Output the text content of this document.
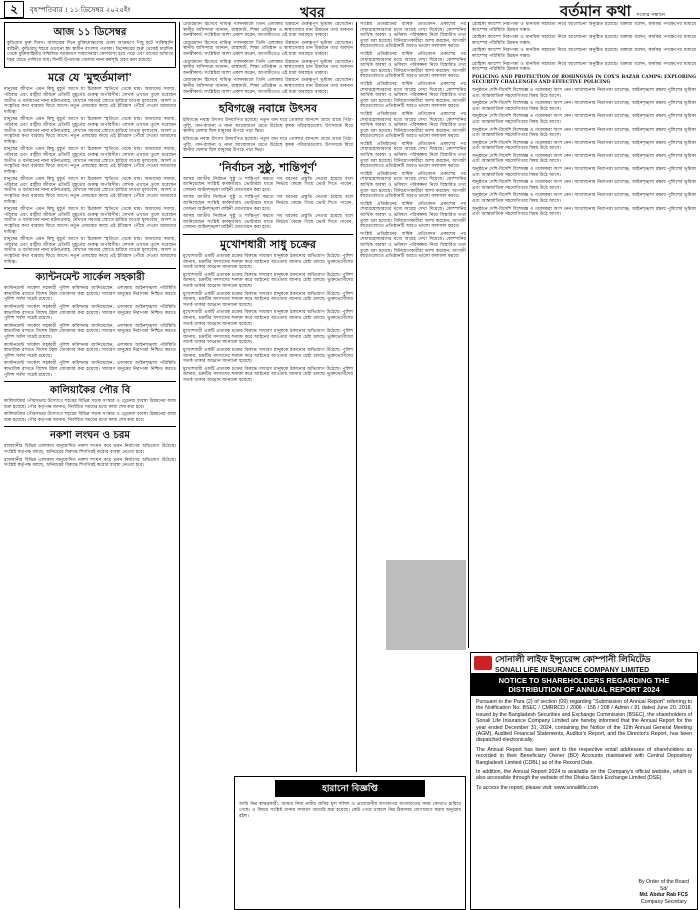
২	বৃহস্পতিবার । ১১ ডিসেম্বর ২০২৫ইং	খবর	বর্তমান কথা সত্যের সন্ধানে
আজ ১১ ডিসেম্বর

কুড়িগ্রাম মুক্ত দিবস। আজকের দিনে মুক্তিযোদ্ধাদের প্রবল আক্রমণে পিছু হটে পাকিস্তানি বাহিনী, কুড়িগ্রাম শহরে ওড়ানো হয় স্বাধীন বাংলার পতাকা। ডিসেম্বরের শুরু থেকেই চারদিক থেকে মুক্তিবাহিনীর সম্মিলিত আক্রমণে শত্রুসেনারা কোণঠাসা হয়ে পড়ে এবং রাতের আঁধারে শহর ছেড়ে পালিয়ে যায়। দিনটি উপলক্ষে জেলায় নানা কর্মসূচি গ্রহণ করা হয়েছে।

মরে যে 'মুহুর্তমালা'

মানুষের জীবনে এমন কিছু মুহূর্ত আসে যা চিরকাল স্মৃতিতে থেকে যায়। আমাদের সমাজ, পরিবার এবং রাষ্ট্রীয় জীবনে প্রতিটি মুহূর্তের গুরুত্ব অপরিসীম। লেখক এখানে তুলে ধরেছেন অতীত ও বর্তমানের নানা ঘটনাপ্রবাহ, যেখানে সময়ের স্রোতে হারিয়ে যাওয়া মূল্যবোধ, আদর্শ ও সংস্কৃতির কথা বারবার ফিরে আসে। নতুন প্রজন্মের কাছে এই ইতিহাস পৌঁছে দেওয়া আমাদের দায়িত্ব।

মানুষের জীবনে এমন কিছু মুহূর্ত আসে যা চিরকাল স্মৃতিতে থেকে যায়। আমাদের সমাজ, পরিবার এবং রাষ্ট্রীয় জীবনে প্রতিটি মুহূর্তের গুরুত্ব অপরিসীম। লেখক এখানে তুলে ধরেছেন অতীত ও বর্তমানের নানা ঘটনাপ্রবাহ, যেখানে সময়ের স্রোতে হারিয়ে যাওয়া মূল্যবোধ, আদর্শ ও সংস্কৃতির কথা বারবার ফিরে আসে। নতুন প্রজন্মের কাছে এই ইতিহাস পৌঁছে দেওয়া আমাদের দায়িত্ব।

মানুষের জীবনে এমন কিছু মুহূর্ত আসে যা চিরকাল স্মৃতিতে থেকে যায়। আমাদের সমাজ, পরিবার এবং রাষ্ট্রীয় জীবনে প্রতিটি মুহূর্তের গুরুত্ব অপরিসীম। লেখক এখানে তুলে ধরেছেন অতীত ও বর্তমানের নানা ঘটনাপ্রবাহ, যেখানে সময়ের স্রোতে হারিয়ে যাওয়া মূল্যবোধ, আদর্শ ও সংস্কৃতির কথা বারবার ফিরে আসে। নতুন প্রজন্মের কাছে এই ইতিহাস পৌঁছে দেওয়া আমাদের দায়িত্ব।

মানুষের জীবনে এমন কিছু মুহূর্ত আসে যা চিরকাল স্মৃতিতে থেকে যায়। আমাদের সমাজ, পরিবার এবং রাষ্ট্রীয় জীবনে প্রতিটি মুহূর্তের গুরুত্ব অপরিসীম। লেখক এখানে তুলে ধরেছেন অতীত ও বর্তমানের নানা ঘটনাপ্রবাহ, যেখানে সময়ের স্রোতে হারিয়ে যাওয়া মূল্যবোধ, আদর্শ ও সংস্কৃতির কথা বারবার ফিরে আসে। নতুন প্রজন্মের কাছে এই ইতিহাস পৌঁছে দেওয়া আমাদের দায়িত্ব।

মানুষের জীবনে এমন কিছু মুহূর্ত আসে যা চিরকাল স্মৃতিতে থেকে যায়। আমাদের সমাজ, পরিবার এবং রাষ্ট্রীয় জীবনে প্রতিটি মুহূর্তের গুরুত্ব অপরিসীম। লেখক এখানে তুলে ধরেছেন অতীত ও বর্তমানের নানা ঘটনাপ্রবাহ, যেখানে সময়ের স্রোতে হারিয়ে যাওয়া মূল্যবোধ, আদর্শ ও সংস্কৃতির কথা বারবার ফিরে আসে। নতুন প্রজন্মের কাছে এই ইতিহাস পৌঁছে দেওয়া আমাদের দায়িত্ব।

মানুষের জীবনে এমন কিছু মুহূর্ত আসে যা চিরকাল স্মৃতিতে থেকে যায়। আমাদের সমাজ, পরিবার এবং রাষ্ট্রীয় জীবনে প্রতিটি মুহূর্তের গুরুত্ব অপরিসীম। লেখক এখানে তুলে ধরেছেন অতীত ও বর্তমানের নানা ঘটনাপ্রবাহ, যেখানে সময়ের স্রোতে হারিয়ে যাওয়া মূল্যবোধ, আদর্শ ও সংস্কৃতির কথা বারবার ফিরে আসে। নতুন প্রজন্মের কাছে এই ইতিহাস পৌঁছে দেওয়া আমাদের দায়িত্ব।

ক্যান্টনমেন্ট সার্কেল সহকারী

ক্যান্টনমেন্ট সার্কেল সহকারী পুলিশ কমিশনার জানিয়েছেন, এলাকায় আইনশৃঙ্খলা পরিস্থিতি স্বাভাবিক রাখতে বিশেষ টহল জোরদার করা হয়েছে। সাধারণ মানুষের নিরাপত্তা নিশ্চিত করতে পুলিশ সর্বদা সচেষ্ট রয়েছে।

ক্যান্টনমেন্ট সার্কেল সহকারী পুলিশ কমিশনার জানিয়েছেন, এলাকায় আইনশৃঙ্খলা পরিস্থিতি স্বাভাবিক রাখতে বিশেষ টহল জোরদার করা হয়েছে। সাধারণ মানুষের নিরাপত্তা নিশ্চিত করতে পুলিশ সর্বদা সচেষ্ট রয়েছে।

ক্যান্টনমেন্ট সার্কেল সহকারী পুলিশ কমিশনার জানিয়েছেন, এলাকায় আইনশৃঙ্খলা পরিস্থিতি স্বাভাবিক রাখতে বিশেষ টহল জোরদার করা হয়েছে। সাধারণ মানুষের নিরাপত্তা নিশ্চিত করতে পুলিশ সর্বদা সচেষ্ট রয়েছে।

ক্যান্টনমেন্ট সার্কেল সহকারী পুলিশ কমিশনার জানিয়েছেন, এলাকায় আইনশৃঙ্খলা পরিস্থিতি স্বাভাবিক রাখতে বিশেষ টহল জোরদার করা হয়েছে। সাধারণ মানুষের নিরাপত্তা নিশ্চিত করতে পুলিশ সর্বদা সচেষ্ট রয়েছে।

ক্যান্টনমেন্ট সার্কেল সহকারী পুলিশ কমিশনার জানিয়েছেন, এলাকায় আইনশৃঙ্খলা পরিস্থিতি স্বাভাবিক রাখতে বিশেষ টহল জোরদার করা হয়েছে। সাধারণ মানুষের নিরাপত্তা নিশ্চিত করতে পুলিশ সর্বদা সচেষ্ট রয়েছে।

কালিয়াকৈর পৌর বি

কালিয়াকৈর পৌরসভার উদ্যোগে শহরের বিভিন্ন সড়ক সংস্কার ও ড্রেনেজ ব্যবস্থা উন্নয়নের কাজ শুরু হয়েছে। পৌর কর্তৃপক্ষ জানায়, নির্ধারিত সময়ের মধ্যে কাজ শেষ করা হবে।

কালিয়াকৈর পৌরসভার উদ্যোগে শহরের বিভিন্ন সড়ক সংস্কার ও ড্রেনেজ ব্যবস্থা উন্নয়নের কাজ শুরু হয়েছে। পৌর কর্তৃপক্ষ জানায়, নির্ধারিত সময়ের মধ্যে কাজ শেষ করা হবে।

নকশা লংঘন ও চরম

রাজধানীর বিভিন্ন এলাকায় অনুমোদিত নকশা লংঘন করে ভবন নির্মাণের অভিযোগ উঠেছে। সংশ্লিষ্ট কর্তৃপক্ষ বলছে, অনিয়মের বিরুদ্ধে শিগগিরই কঠোর ব্যবস্থা নেওয়া হবে।

রাজধানীর বিভিন্ন এলাকায় অনুমোদিত নকশা লংঘন করে ভবন নির্মাণের অভিযোগ উঠেছে। সংশ্লিষ্ট কর্তৃপক্ষ বলছে, অনিয়মের বিরুদ্ধে শিগগিরই কঠোর ব্যবস্থা নেওয়া হবে।

চেয়ারম্যান হিসেবে দায়িত্ব পালনকালে তিনি এলাকার উন্নয়নে গুরুত্বপূর্ণ ভূমিকা রেখেছেন। স্থানীয় বাসিন্দারা জানান, রাস্তাঘাট, শিক্ষা প্রতিষ্ঠান ও স্বাস্থ্যসেবার মান উন্নয়নে তার অবদান অনস্বীকার্য। সংশ্লিষ্টরা আশা প্রকাশ করেন, আগামীতেও এই ধারা অব্যাহত থাকবে।

চেয়ারম্যান হিসেবে দায়িত্ব পালনকালে তিনি এলাকার উন্নয়নে গুরুত্বপূর্ণ ভূমিকা রেখেছেন। স্থানীয় বাসিন্দারা জানান, রাস্তাঘাট, শিক্ষা প্রতিষ্ঠান ও স্বাস্থ্যসেবার মান উন্নয়নে তার অবদান অনস্বীকার্য। সংশ্লিষ্টরা আশা প্রকাশ করেন, আগামীতেও এই ধারা অব্যাহত থাকবে।

চেয়ারম্যান হিসেবে দায়িত্ব পালনকালে তিনি এলাকার উন্নয়নে গুরুত্বপূর্ণ ভূমিকা রেখেছেন। স্থানীয় বাসিন্দারা জানান, রাস্তাঘাট, শিক্ষা প্রতিষ্ঠান ও স্বাস্থ্যসেবার মান উন্নয়নে তার অবদান অনস্বীকার্য। সংশ্লিষ্টরা আশা প্রকাশ করেন, আগামীতেও এই ধারা অব্যাহত থাকবে।

চেয়ারম্যান হিসেবে দায়িত্ব পালনকালে তিনি এলাকার উন্নয়নে গুরুত্বপূর্ণ ভূমিকা রেখেছেন। স্থানীয় বাসিন্দারা জানান, রাস্তাঘাট, শিক্ষা প্রতিষ্ঠান ও স্বাস্থ্যসেবার মান উন্নয়নে তার অবদান অনস্বীকার্য। সংশ্লিষ্টরা আশা প্রকাশ করেন, আগামীতেও এই ধারা অব্যাহত থাকবে।

হবিগঞ্জে নবান্নে উৎসব

হবিগঞ্জে নবান্ন উৎসব উদযাপিত হয়েছে। নতুন ধান ঘরে তোলার আনন্দে গ্রামে গ্রামে পিঠা-পুলি, গান-বাজনা ও নানা আয়োজনে মেতে উঠেছে কৃষক পরিবারগুলো। উৎসবকে ঘিরে স্থানীয় মেলায় ছিল মানুষের উপচে পড়া ভিড়।

হবিগঞ্জে নবান্ন উৎসব উদযাপিত হয়েছে। নতুন ধান ঘরে তোলার আনন্দে গ্রামে গ্রামে পিঠা-পুলি, গান-বাজনা ও নানা আয়োজনে মেতে উঠেছে কৃষক পরিবারগুলো। উৎসবকে ঘিরে স্থানীয় মেলায় ছিল মানুষের উপচে পড়া ভিড়।

'নির্বাচন সুষ্ঠু, শান্তিপূর্ণ'

আসন্ন জাতীয় নির্বাচন সুষ্ঠু ও শান্তিপূর্ণ করতে সব ধরনের প্রস্তুতি নেওয়া হয়েছে বলে জানিয়েছেন সংশ্লিষ্ট কর্মকর্তারা। ভোটাররা যাতে নির্ভয়ে কেন্দ্রে গিয়ে ভোট দিতে পারেন, সেজন্য আইনশৃঙ্খলা বাহিনী মোতায়েন করা হবে।

আসন্ন জাতীয় নির্বাচন সুষ্ঠু ও শান্তিপূর্ণ করতে সব ধরনের প্রস্তুতি নেওয়া হয়েছে বলে জানিয়েছেন সংশ্লিষ্ট কর্মকর্তারা। ভোটাররা যাতে নির্ভয়ে কেন্দ্রে গিয়ে ভোট দিতে পারেন, সেজন্য আইনশৃঙ্খলা বাহিনী মোতায়েন করা হবে।

আসন্ন জাতীয় নির্বাচন সুষ্ঠু ও শান্তিপূর্ণ করতে সব ধরনের প্রস্তুতি নেওয়া হয়েছে বলে জানিয়েছেন সংশ্লিষ্ট কর্মকর্তারা। ভোটাররা যাতে নির্ভয়ে কেন্দ্রে গিয়ে ভোট দিতে পারেন, সেজন্য আইনশৃঙ্খলা বাহিনী মোতায়েন করা হবে।

মুখোশধারী সাধু চক্রের

মুখোশধারী একটি প্রতারক চক্রের বিরুদ্ধে সাধারণ মানুষকে ঠকানোর অভিযোগ উঠেছে। পুলিশ জানায়, চক্রটির সদস্যদের শনাক্ত করে আইনের আওতায় আনার চেষ্টা চলছে। ভুক্তভোগীদের সতর্ক থাকার আহ্বান জানানো হয়েছে।

মুখোশধারী একটি প্রতারক চক্রের বিরুদ্ধে সাধারণ মানুষকে ঠকানোর অভিযোগ উঠেছে। পুলিশ জানায়, চক্রটির সদস্যদের শনাক্ত করে আইনের আওতায় আনার চেষ্টা চলছে। ভুক্তভোগীদের সতর্ক থাকার আহ্বান জানানো হয়েছে।

মুখোশধারী একটি প্রতারক চক্রের বিরুদ্ধে সাধারণ মানুষকে ঠকানোর অভিযোগ উঠেছে। পুলিশ জানায়, চক্রটির সদস্যদের শনাক্ত করে আইনের আওতায় আনার চেষ্টা চলছে। ভুক্তভোগীদের সতর্ক থাকার আহ্বান জানানো হয়েছে।

মুখোশধারী একটি প্রতারক চক্রের বিরুদ্ধে সাধারণ মানুষকে ঠকানোর অভিযোগ উঠেছে। পুলিশ জানায়, চক্রটির সদস্যদের শনাক্ত করে আইনের আওতায় আনার চেষ্টা চলছে। ভুক্তভোগীদের সতর্ক থাকার আহ্বান জানানো হয়েছে।

মুখোশধারী একটি প্রতারক চক্রের বিরুদ্ধে সাধারণ মানুষকে ঠকানোর অভিযোগ উঠেছে। পুলিশ জানায়, চক্রটির সদস্যদের শনাক্ত করে আইনের আওতায় আনার চেষ্টা চলছে। ভুক্তভোগীদের সতর্ক থাকার আহ্বান জানানো হয়েছে।

মুখোশধারী একটি প্রতারক চক্রের বিরুদ্ধে সাধারণ মানুষকে ঠকানোর অভিযোগ উঠেছে। পুলিশ জানায়, চক্রটির সদস্যদের শনাক্ত করে আইনের আওতায় আনার চেষ্টা চলছে। ভুক্তভোগীদের সতর্ক থাকার আহ্বান জানানো হয়েছে।

মুখোশধারী একটি প্রতারক চক্রের বিরুদ্ধে সাধারণ মানুষকে ঠকানোর অভিযোগ উঠেছে। পুলিশ জানায়, চক্রটির সদস্যদের শনাক্ত করে আইনের আওতায় আনার চেষ্টা চলছে। ভুক্তভোগীদের সতর্ক থাকার আহ্বান জানানো হয়েছে।

সংশ্লিষ্ট প্রতিষ্ঠানের বার্ষিক প্রতিবেদন প্রকাশের পর শেয়ারহোল্ডারদের মধ্যে আগ্রহ দেখা দিয়েছে। কোম্পানির আর্থিক অবস্থা ও ভবিষ্যৎ পরিকল্পনা নিয়ে বিস্তারিত তথ্য তুলে ধরা হয়েছে। বিনিয়োগকারীরা আশা করছেন, আগামী বছরগুলোতে প্রতিষ্ঠানটি আরও ভালো ফলাফল করবে।

সংশ্লিষ্ট প্রতিষ্ঠানের বার্ষিক প্রতিবেদন প্রকাশের পর শেয়ারহোল্ডারদের মধ্যে আগ্রহ দেখা দিয়েছে। কোম্পানির আর্থিক অবস্থা ও ভবিষ্যৎ পরিকল্পনা নিয়ে বিস্তারিত তথ্য তুলে ধরা হয়েছে। বিনিয়োগকারীরা আশা করছেন, আগামী বছরগুলোতে প্রতিষ্ঠানটি আরও ভালো ফলাফল করবে।

সংশ্লিষ্ট প্রতিষ্ঠানের বার্ষিক প্রতিবেদন প্রকাশের পর শেয়ারহোল্ডারদের মধ্যে আগ্রহ দেখা দিয়েছে। কোম্পানির আর্থিক অবস্থা ও ভবিষ্যৎ পরিকল্পনা নিয়ে বিস্তারিত তথ্য তুলে ধরা হয়েছে। বিনিয়োগকারীরা আশা করছেন, আগামী বছরগুলোতে প্রতিষ্ঠানটি আরও ভালো ফলাফল করবে।

সংশ্লিষ্ট প্রতিষ্ঠানের বার্ষিক প্রতিবেদন প্রকাশের পর শেয়ারহোল্ডারদের মধ্যে আগ্রহ দেখা দিয়েছে। কোম্পানির আর্থিক অবস্থা ও ভবিষ্যৎ পরিকল্পনা নিয়ে বিস্তারিত তথ্য তুলে ধরা হয়েছে। বিনিয়োগকারীরা আশা করছেন, আগামী বছরগুলোতে প্রতিষ্ঠানটি আরও ভালো ফলাফল করবে।

সংশ্লিষ্ট প্রতিষ্ঠানের বার্ষিক প্রতিবেদন প্রকাশের পর শেয়ারহোল্ডারদের মধ্যে আগ্রহ দেখা দিয়েছে। কোম্পানির আর্থিক অবস্থা ও ভবিষ্যৎ পরিকল্পনা নিয়ে বিস্তারিত তথ্য তুলে ধরা হয়েছে। বিনিয়োগকারীরা আশা করছেন, আগামী বছরগুলোতে প্রতিষ্ঠানটি আরও ভালো ফলাফল করবে।

সংশ্লিষ্ট প্রতিষ্ঠানের বার্ষিক প্রতিবেদন প্রকাশের পর শেয়ারহোল্ডারদের মধ্যে আগ্রহ দেখা দিয়েছে। কোম্পানির আর্থিক অবস্থা ও ভবিষ্যৎ পরিকল্পনা নিয়ে বিস্তারিত তথ্য তুলে ধরা হয়েছে। বিনিয়োগকারীরা আশা করছেন, আগামী বছরগুলোতে প্রতিষ্ঠানটি আরও ভালো ফলাফল করবে।

সংশ্লিষ্ট প্রতিষ্ঠানের বার্ষিক প্রতিবেদন প্রকাশের পর শেয়ারহোল্ডারদের মধ্যে আগ্রহ দেখা দিয়েছে। কোম্পানির আর্থিক অবস্থা ও ভবিষ্যৎ পরিকল্পনা নিয়ে বিস্তারিত তথ্য তুলে ধরা হয়েছে। বিনিয়োগকারীরা আশা করছেন, আগামী বছরগুলোতে প্রতিষ্ঠানটি আরও ভালো ফলাফল করবে।

সংশ্লিষ্ট প্রতিষ্ঠানের বার্ষিক প্রতিবেদন প্রকাশের পর শেয়ারহোল্ডারদের মধ্যে আগ্রহ দেখা দিয়েছে। কোম্পানির আর্থিক অবস্থা ও ভবিষ্যৎ পরিকল্পনা নিয়ে বিস্তারিত তথ্য তুলে ধরা হয়েছে। বিনিয়োগকারীরা আশা করছেন, আগামী বছরগুলোতে প্রতিষ্ঠানটি আরও ভালো ফলাফল করবে।

রোহিঙ্গা ক্যাম্পে নিরাপত্তা ও মানবিক সহায়তা নিয়ে আলোচনা অনুষ্ঠিত হয়েছে। বক্তারা বলেন, কার্যকর পদক্ষেপের মাধ্যমে ক্যাম্পের পরিস্থিতি উন্নয়ন সম্ভব।

রোহিঙ্গা ক্যাম্পে নিরাপত্তা ও মানবিক সহায়তা নিয়ে আলোচনা অনুষ্ঠিত হয়েছে। বক্তারা বলেন, কার্যকর পদক্ষেপের মাধ্যমে ক্যাম্পের পরিস্থিতি উন্নয়ন সম্ভব।

রোহিঙ্গা ক্যাম্পে নিরাপত্তা ও মানবিক সহায়তা নিয়ে আলোচনা অনুষ্ঠিত হয়েছে। বক্তারা বলেন, কার্যকর পদক্ষেপের মাধ্যমে ক্যাম্পের পরিস্থিতি উন্নয়ন সম্ভব।

রোহিঙ্গা ক্যাম্পে নিরাপত্তা ও মানবিক সহায়তা নিয়ে আলোচনা অনুষ্ঠিত হয়েছে। বক্তারা বলেন, কার্যকর পদক্ষেপের মাধ্যমে ক্যাম্পের পরিস্থিতি উন্নয়ন সম্ভব।

POLICING AND PROTECTION OF ROHINGYAS IN COX'S BAZAR CAMPS: EXPLORING SECURITY CHALLENGES AND EFFECTIVE POLICING

অনুষ্ঠানে দেশি-বিদেশি বিশেষজ্ঞ ও গবেষকরা অংশ নেন। আলোচনায় নিরাপত্তা চ্যালেঞ্জ, আইনশৃঙ্খলা রক্ষায় পুলিশের ভূমিকা এবং আন্তর্জাতিক সহযোগিতার বিষয় উঠে আসে।

অনুষ্ঠানে দেশি-বিদেশি বিশেষজ্ঞ ও গবেষকরা অংশ নেন। আলোচনায় নিরাপত্তা চ্যালেঞ্জ, আইনশৃঙ্খলা রক্ষায় পুলিশের ভূমিকা এবং আন্তর্জাতিক সহযোগিতার বিষয় উঠে আসে।

অনুষ্ঠানে দেশি-বিদেশি বিশেষজ্ঞ ও গবেষকরা অংশ নেন। আলোচনায় নিরাপত্তা চ্যালেঞ্জ, আইনশৃঙ্খলা রক্ষায় পুলিশের ভূমিকা এবং আন্তর্জাতিক সহযোগিতার বিষয় উঠে আসে।

অনুষ্ঠানে দেশি-বিদেশি বিশেষজ্ঞ ও গবেষকরা অংশ নেন। আলোচনায় নিরাপত্তা চ্যালেঞ্জ, আইনশৃঙ্খলা রক্ষায় পুলিশের ভূমিকা এবং আন্তর্জাতিক সহযোগিতার বিষয় উঠে আসে।

অনুষ্ঠানে দেশি-বিদেশি বিশেষজ্ঞ ও গবেষকরা অংশ নেন। আলোচনায় নিরাপত্তা চ্যালেঞ্জ, আইনশৃঙ্খলা রক্ষায় পুলিশের ভূমিকা এবং আন্তর্জাতিক সহযোগিতার বিষয় উঠে আসে।

অনুষ্ঠানে দেশি-বিদেশি বিশেষজ্ঞ ও গবেষকরা অংশ নেন। আলোচনায় নিরাপত্তা চ্যালেঞ্জ, আইনশৃঙ্খলা রক্ষায় পুলিশের ভূমিকা এবং আন্তর্জাতিক সহযোগিতার বিষয় উঠে আসে।

অনুষ্ঠানে দেশি-বিদেশি বিশেষজ্ঞ ও গবেষকরা অংশ নেন। আলোচনায় নিরাপত্তা চ্যালেঞ্জ, আইনশৃঙ্খলা রক্ষায় পুলিশের ভূমিকা এবং আন্তর্জাতিক সহযোগিতার বিষয় উঠে আসে।

অনুষ্ঠানে দেশি-বিদেশি বিশেষজ্ঞ ও গবেষকরা অংশ নেন। আলোচনায় নিরাপত্তা চ্যালেঞ্জ, আইনশৃঙ্খলা রক্ষায় পুলিশের ভূমিকা এবং আন্তর্জাতিক সহযোগিতার বিষয় উঠে আসে।

অনুষ্ঠানে দেশি-বিদেশি বিশেষজ্ঞ ও গবেষকরা অংশ নেন। আলোচনায় নিরাপত্তা চ্যালেঞ্জ, আইনশৃঙ্খলা রক্ষায় পুলিশের ভূমিকা এবং আন্তর্জাতিক সহযোগিতার বিষয় উঠে আসে।

অনুষ্ঠানে দেশি-বিদেশি বিশেষজ্ঞ ও গবেষকরা অংশ নেন। আলোচনায় নিরাপত্তা চ্যালেঞ্জ, আইনশৃঙ্খলা রক্ষায় পুলিশের ভূমিকা এবং আন্তর্জাতিক সহযোগিতার বিষয় উঠে আসে।

হারানো বিজ্ঞপ্তি
আমি নিম্ন স্বাক্ষরকারী, আমার নিজ নামীয় জমির মূল দলিল ও প্রয়োজনীয় কাগজপত্র যাতায়াতের সময় কোথাও হারিয়ে গেছে। এ বিষয়ে সংশ্লিষ্ট থানায় সাধারণ ডায়েরি করা হয়েছে। কেউ পেয়ে থাকলে নিম্ন ঠিকানায় যোগাযোগ করার অনুরোধ রইল।
সোনালী লাইফ ইন্স্যুরেন্স কোম্পানী লিমিটেড
SONALI LIFE INSURANCE COMPANY LIMITED
NOTICE TO SHAREHOLDERS REGARDING THE DISTRIBUTION OF ANNUAL REPORT 2024

Pursuant to the Para (2) of section (09) regarding "Submission of Annual Report" referring to the Notification No. BSEC / CMRRCD / 2006 - 158 / 208 / Admin / 81 dated June 20, 2018, issued by the Bangladesh Securities and Exchange Commission (BSEC), the shareholders of Sonali Life Insurance Company Limited are hereby informed that the Annual Report for the year ended December 31, 2024, containing the Notice of the 12th Annual General Meeting (AGM), Audited Financial Statements, Auditor's Report, and the Director's Report, has been dispatched electronically.

The Annual Report has been sent to the respective email addresses of shareholders as recorded in their Beneficiary Owner (BO) Accounts maintained with Central Depository Bangladesh Limited (CDBL) as of the Record Date.

In addition, the Annual Report 2024 is available on the Company's official website, which is also accessible through the website of the Dhaka Stock Exchange Limited (DSE).

To access the report, please visit: www.sonalilife.com

By Order of the Board
Sd/
Md. Abdur Rab FCS
Company Secretary
